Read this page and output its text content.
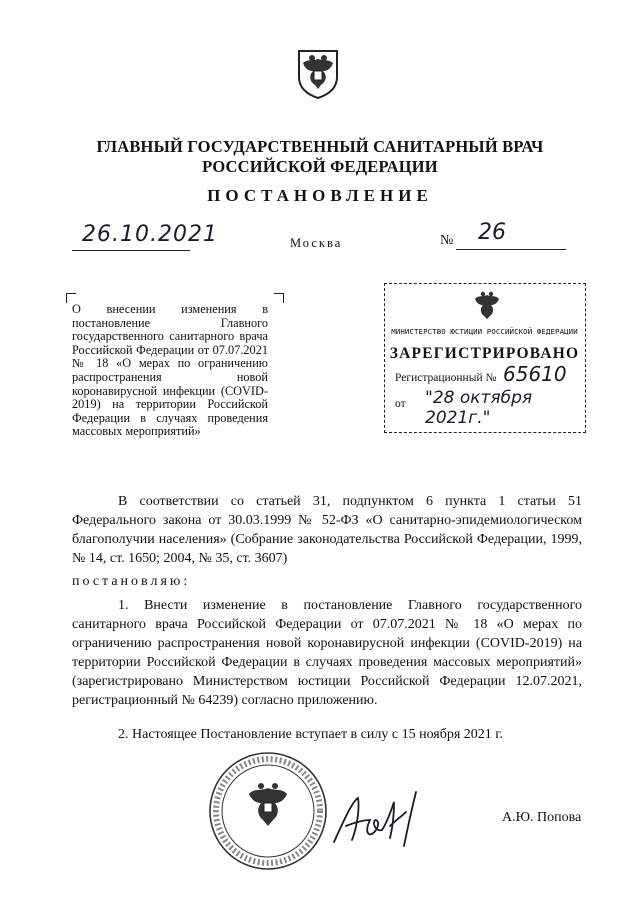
ГЛАВНЫЙ ГОСУДАРСТВЕННЫЙ САНИТАРНЫЙ ВРАЧ
РОССИЙСКОЙ ФЕДЕРАЦИИ
ПОСТАНОВЛЕНИЕ
26.10.2021	Москва	№ 26
О внесении изменения в постановление Главного государственного санитарного врача Российской Федерации от 07.07.2021 № 18 «О мерах по ограничению распространения новой коронавирусной инфекции (COVID-2019) на территории Российской Федерации в случаях проведения массовых мероприятий»
МИНИСТЕРСТВО ЮСТИЦИИ РОССИЙСКОЙ ФЕДЕРАЦИИ
ЗАРЕГИСТРИРОВАНО
Регистрационный № 65610
от "28 октября 2021г."
В соответствии со статьей 31, подпунктом 6 пункта 1 статьи 51 Федерального закона от 30.03.1999 № 52-ФЗ «О санитарно-эпидемиологическом благополучии населения» (Собрание законодательства Российской Федерации, 1999, № 14, ст. 1650; 2004, № 35, ст. 3607)
постановляю:
1. Внести изменение в постановление Главного государственного санитарного врача Российской Федерации от 07.07.2021 № 18 «О мерах по ограничению распространения новой коронавирусной инфекции (COVID-2019) на территории Российской Федерации в случаях проведения массовых мероприятий» (зарегистрировано Министерством юстиции Российской Федерации 12.07.2021, регистрационный № 64239) согласно приложению.
2. Настоящее Постановление вступает в силу с 15 ноября 2021 г.
А.Ю. Попова
